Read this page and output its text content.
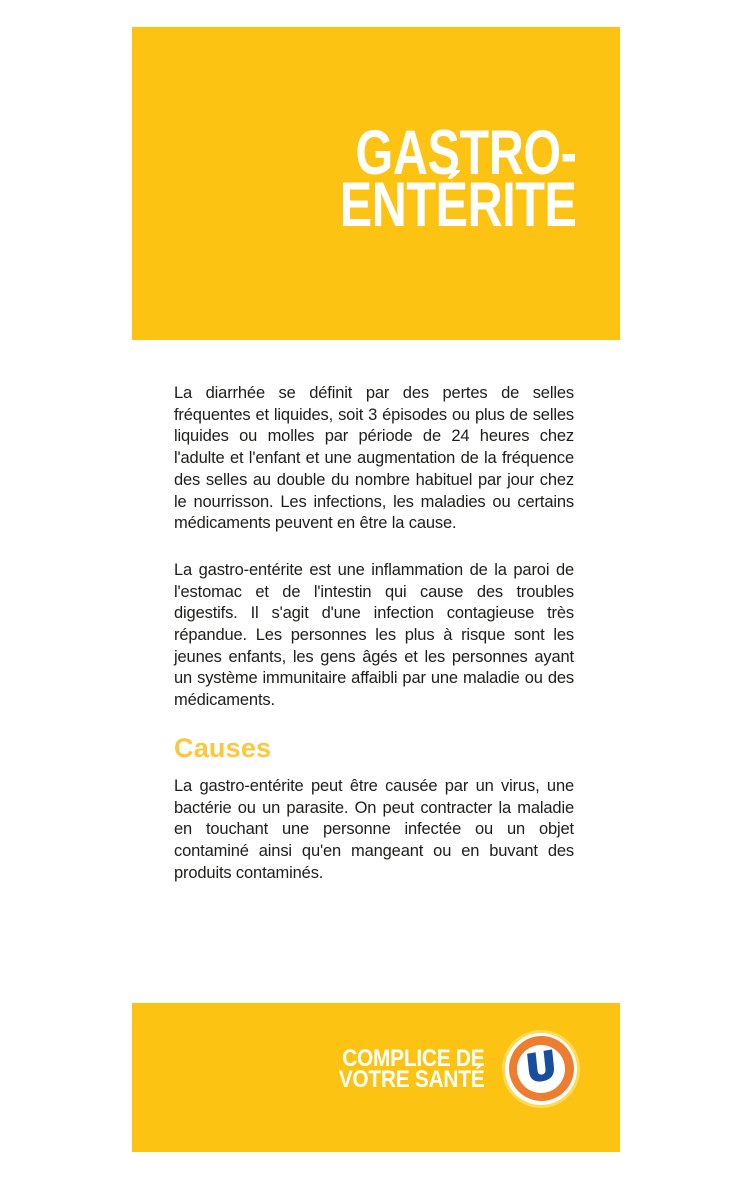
GASTRO-
ENTÉRITE

La diarrhée se définit par des pertes de selles fréquentes et liquides, soit 3 épisodes ou plus de selles liquides ou molles par période de 24 heures chez l'adulte et l'enfant et une augmentation de la fréquence des selles au double du nombre habituel par jour chez le nourrisson. Les infections, les maladies ou certains médicaments peuvent en être la cause.

La gastro-entérite est une inflammation de la paroi de l'estomac et de l'intestin qui cause des troubles digestifs. Il s'agit d'une infection contagieuse très répandue. Les personnes les plus à risque sont les jeunes enfants, les gens âgés et les personnes ayant un système immunitaire affaibli par une maladie ou des médicaments.

Causes

La gastro-entérite peut être causée par un virus, une bactérie ou un parasite. On peut contracter la maladie en touchant une personne infectée ou un objet contaminé ainsi qu'en mangeant ou en buvant des produits contaminés.

COMPLICE DE
VOTRE SANTÉ U
